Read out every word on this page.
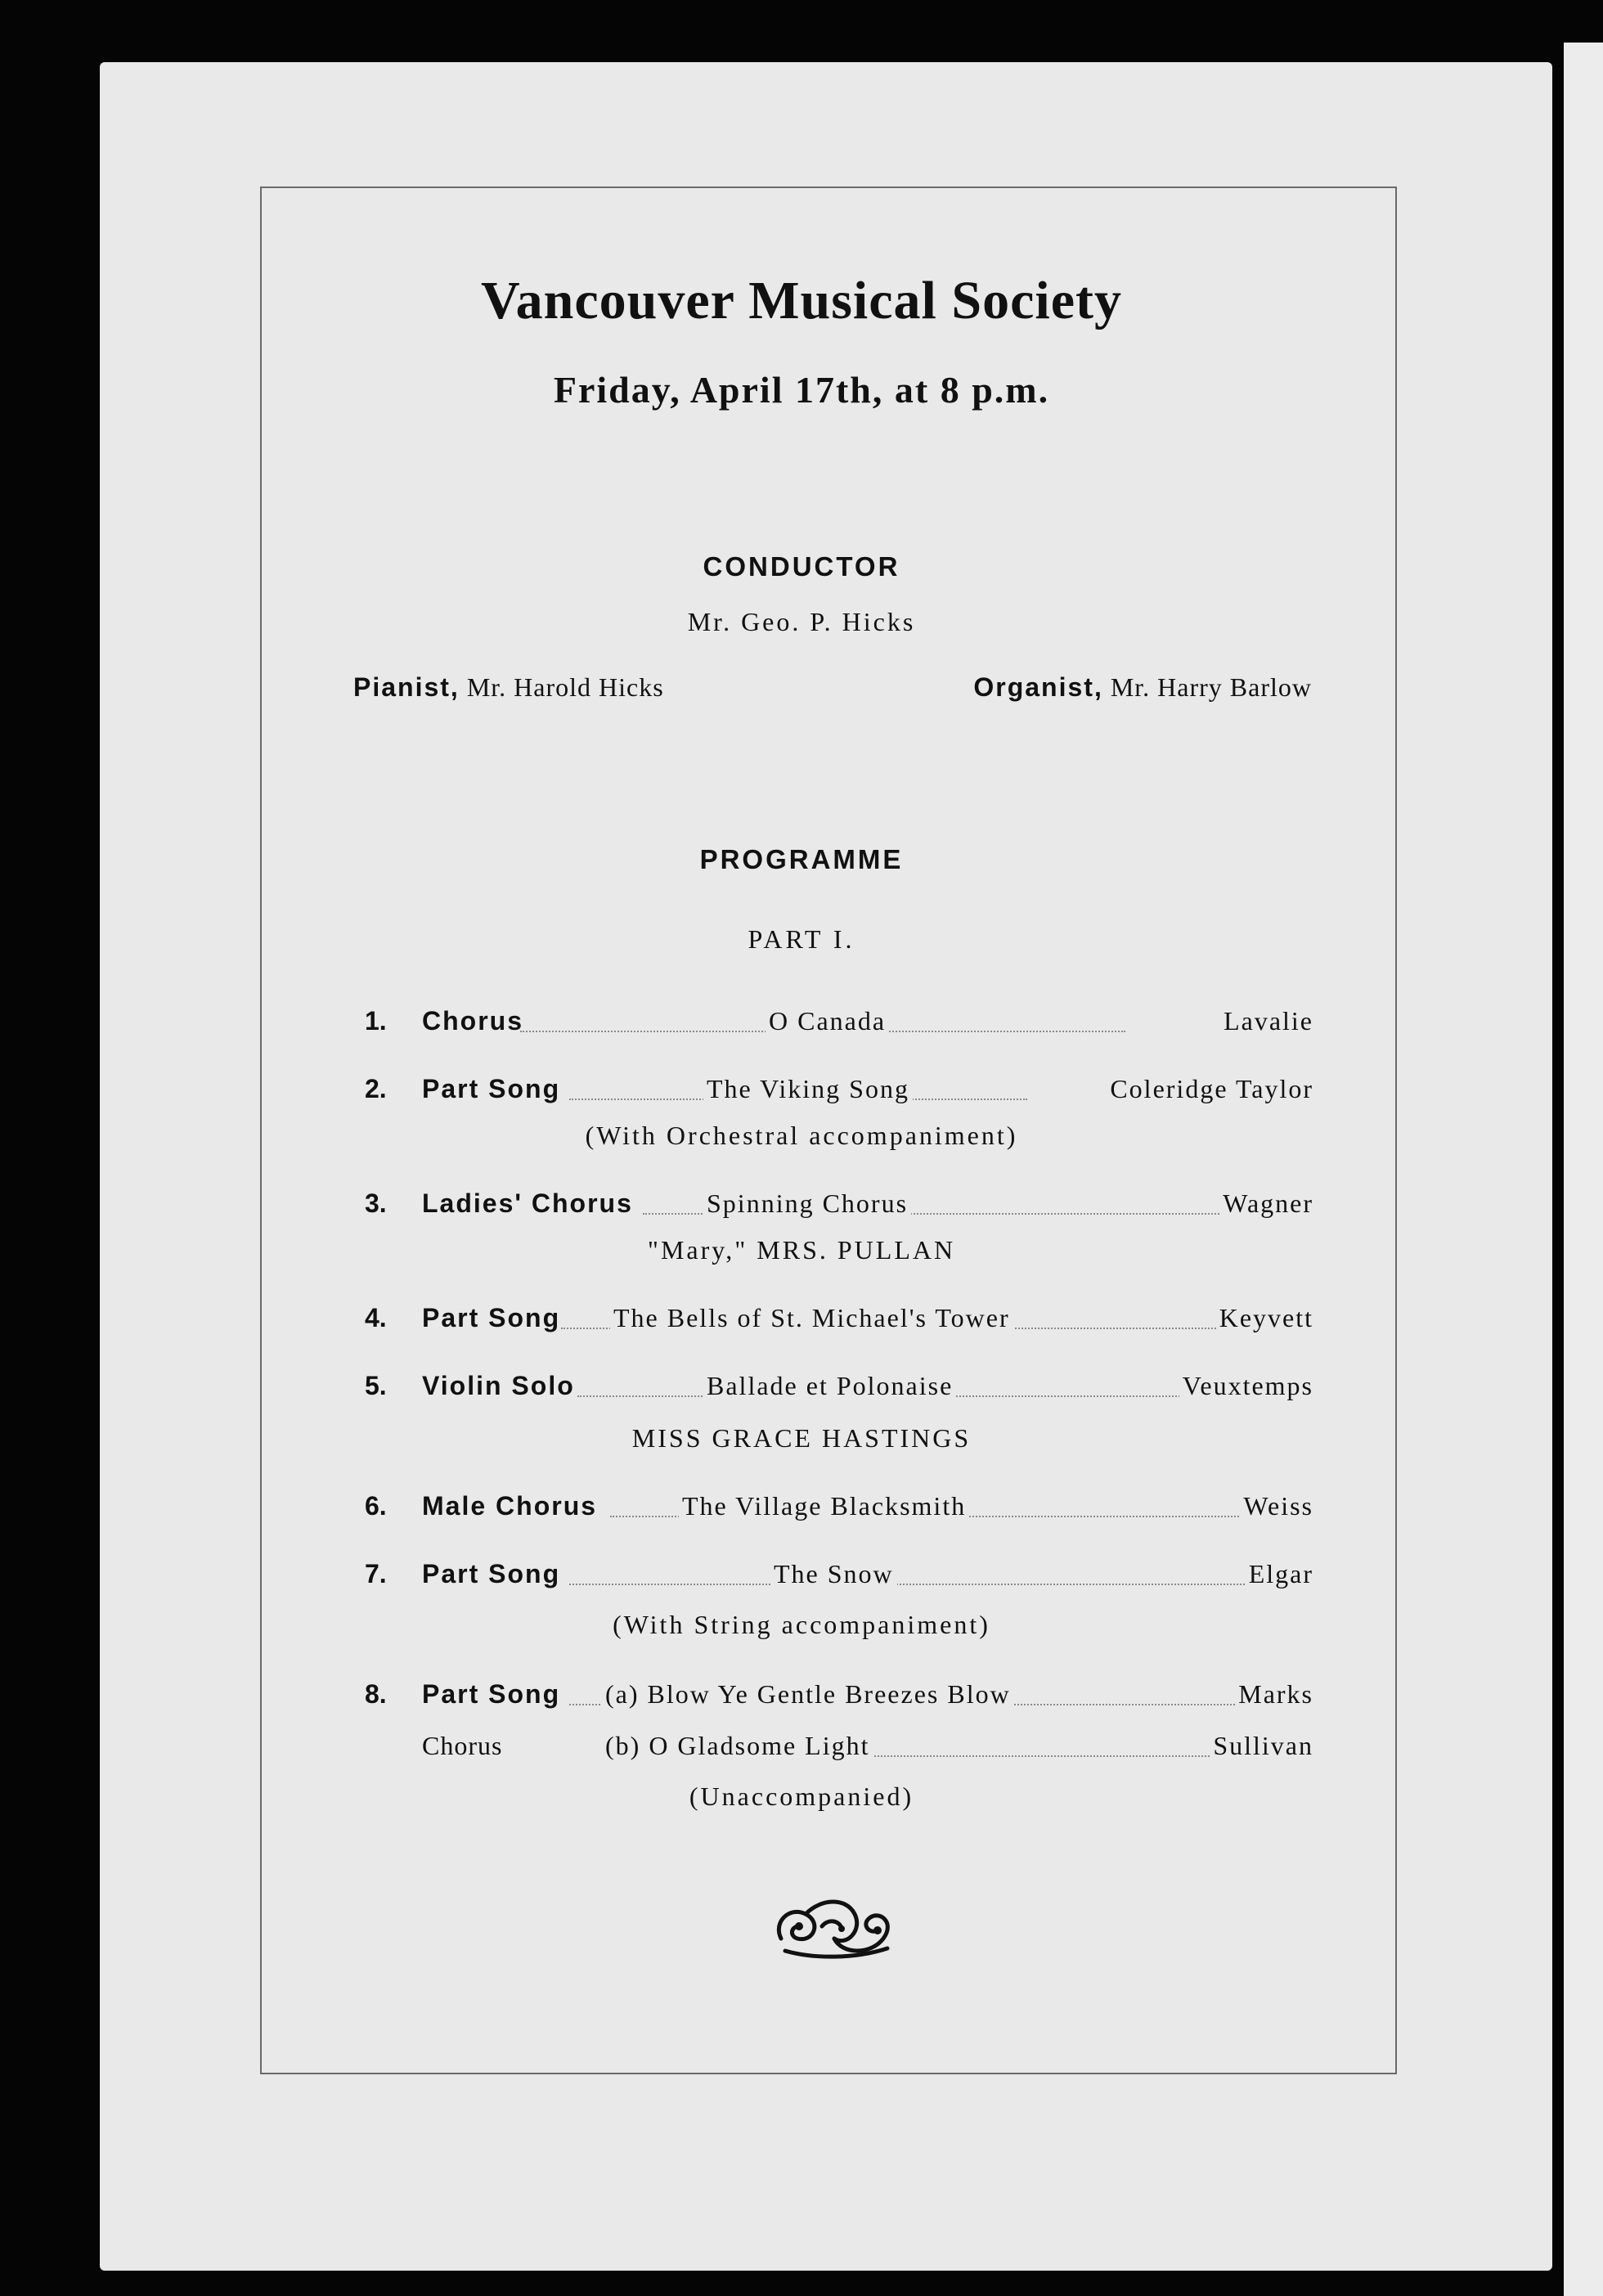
Vancouver Musical Society
Friday, April 17th, at 8 p.m.
CONDUCTOR
Mr. Geo. P. Hicks
Pianist, Mr. Harold Hicks	Organist, Mr. Harry Barlow
PROGRAMME
PART I.
1. Chorus	O Canada	Lavalie
2. Part Song	The Viking Song	Coleridge Taylor
(With Orchestral accompaniment)
3. Ladies' Chorus	Spinning Chorus	Wagner
"Mary," MRS. PULLAN
4. Part Song The Bells of St. Michael's Tower	Keyvett
5. Violin Solo	Ballade et Polonaise	Veuxtemps
MISS GRACE HASTINGS
6. Male Chorus	The Village Blacksmith	Weiss
7. Part Song	The Snow	Elgar
(With String accompaniment)
8. Part Song (a) Blow Ye Gentle Breezes Blow	Marks
Chorus	(b) O Gladsome Light	Sullivan
(Unaccompanied)
